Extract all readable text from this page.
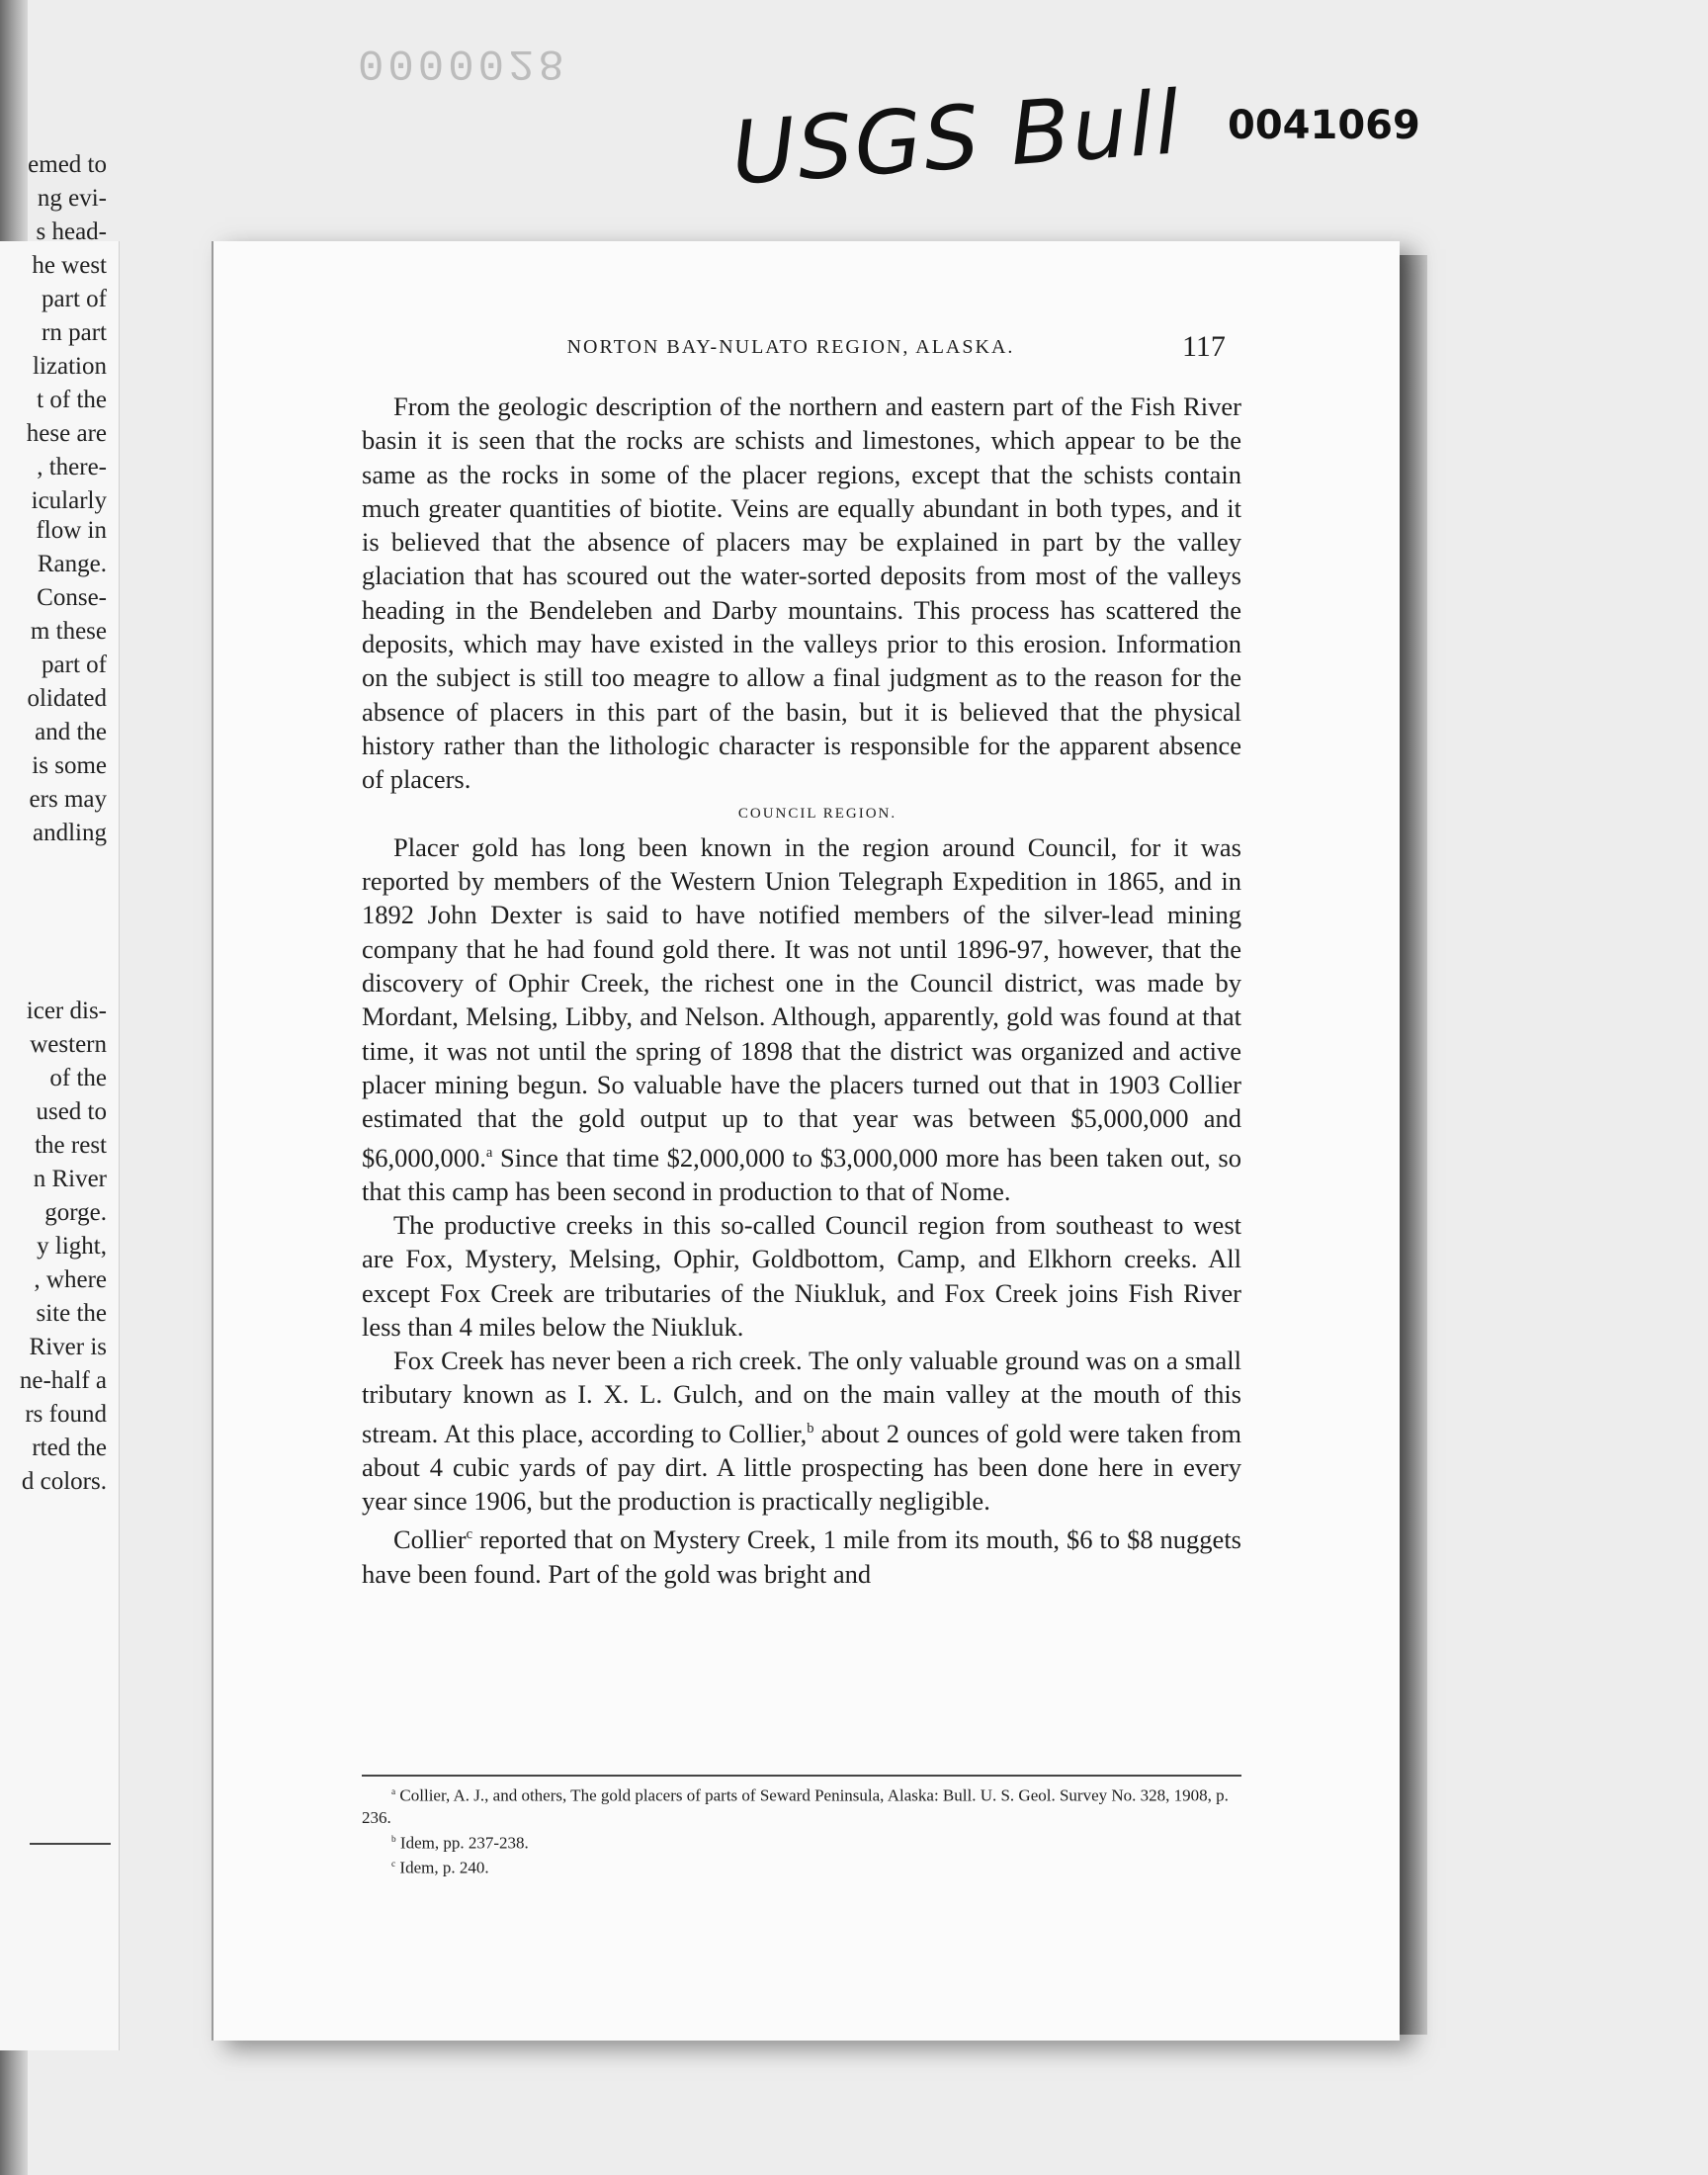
0000028
USGS Bull 0041069
emed to
ng evi-
s head-
he west
part of
rn part
lization
t of the
hese are
, there-
icularly
flow in
Range.
Conse-
m these
part of
olidated
and the
is some
ers may
andling
icer dis-
western
of the
used to
the rest
n River
gorge.
y light,
, where
site the
River is
ne-half a
rs found
rted the
d colors.
NORTON BAY-NULATO REGION, ALASKA.	117

From the geologic description of the northern and eastern part of the Fish River basin it is seen that the rocks are schists and limestones, which appear to be the same as the rocks in some of the placer regions, except that the schists contain much greater quantities of biotite. Veins are equally abundant in both types, and it is believed that the absence of placers may be explained in part by the valley glaciation that has scoured out the water-sorted deposits from most of the valleys heading in the Bendeleben and Darby mountains. This process has scattered the deposits, which may have existed in the valleys prior to this erosion. Information on the subject is still too meagre to allow a final judgment as to the reason for the absence of placers in this part of the basin, but it is believed that the physical history rather than the lithologic character is responsible for the apparent absence of placers.

COUNCIL REGION.

Placer gold has long been known in the region around Council, for it was reported by members of the Western Union Telegraph Expedition in 1865, and in 1892 John Dexter is said to have notified members of the silver-lead mining company that he had found gold there. It was not until 1896-97, however, that the discovery of Ophir Creek, the richest one in the Council district, was made by Mordant, Melsing, Libby, and Nelson. Although, apparently, gold was found at that time, it was not until the spring of 1898 that the district was organized and active placer mining begun. So valuable have the placers turned out that in 1903 Collier estimated that the gold output up to that year was between $5,000,000 and $6,000,000.$^a$ Since that time $2,000,000 to $3,000,000 more has been taken out, so that this camp has been second in production to that of Nome.

The productive creeks in this so-called Council region from southeast to west are Fox, Mystery, Melsing, Ophir, Goldbottom, Camp, and Elkhorn creeks. All except Fox Creek are tributaries of the Niukluk, and Fox Creek joins Fish River less than 4 miles below the Niukluk.

Fox Creek has never been a rich creek. The only valuable ground was on a small tributary known as I. X. L. Gulch, and on the main valley at the mouth of this stream. At this place, according to Collier,$^b$ about 2 ounces of gold were taken from about 4 cubic yards of pay dirt. A little prospecting has been done here in every year since 1906, but the production is practically negligible.

Collier$^c$ reported that on Mystery Creek, 1 mile from its mouth, $6 to $8 nuggets have been found. Part of the gold was bright and

$^a$ Collier, A. J., and others, The gold placers of parts of Seward Peninsula, Alaska: Bull. U. S. Geol. Survey No. 328, 1908, p. 236.

$^b$ Idem, pp. 237-238.

$^c$ Idem, p. 240.
